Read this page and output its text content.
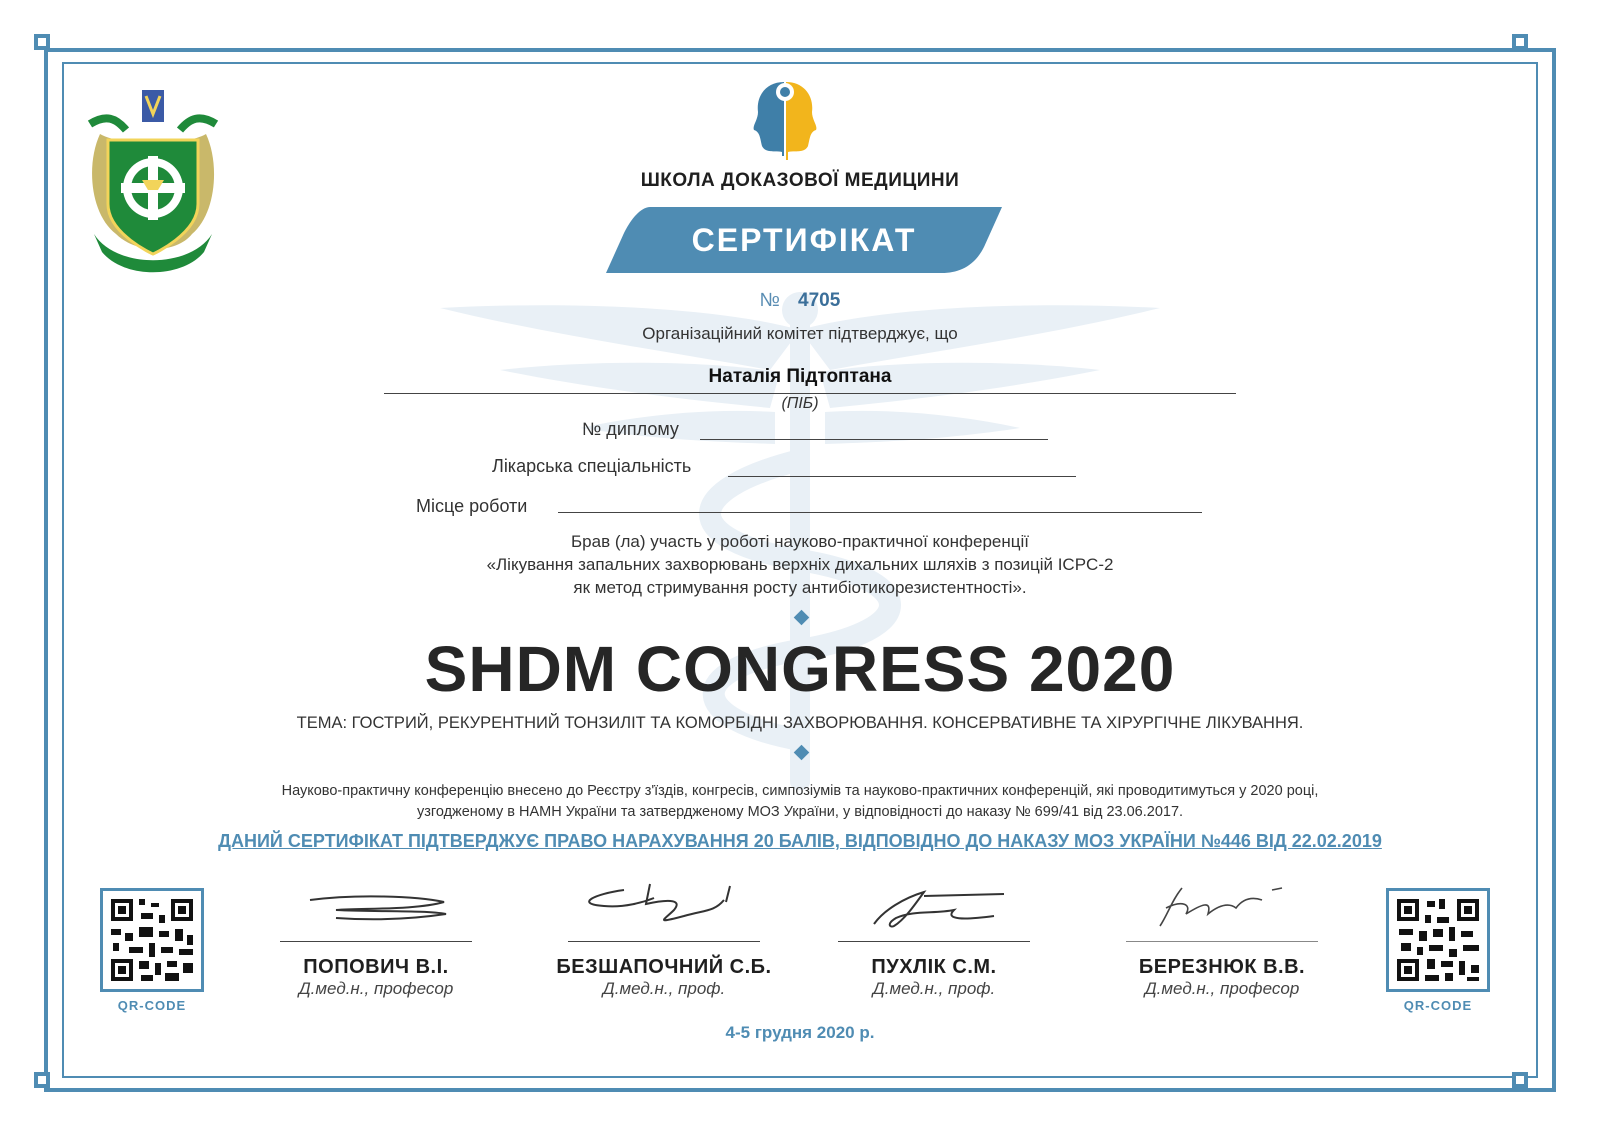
ШКОЛА ДОКАЗОВОЇ МЕДИЦИНИ
СЕРТИФІКАТ
№ 4705
Організаційний комітет підтверджує, що
Наталія Підтоптана
(ПІБ)
№ диплому
Лікарська спеціальність
Місце роботи
Брав (ла) участь у роботі науково-практичної конференції
«Лікування запальних захворювань верхніх дихальних шляхів з позицій ICPC-2
як метод стримування росту антибіотикорезистентності».
SHDM CONGRESS 2020
ТЕМА: ГОСТРИЙ, РЕКУРЕНТНИЙ ТОНЗИЛІТ ТА КОМОРБІДНІ ЗАХВОРЮВАННЯ. КОНСЕРВАТИВНЕ ТА ХІРУРГІЧНЕ ЛІКУВАННЯ.
Науково-практичну конференцію внесено до Реєстру з'їздів, конгресів, симпозіумів та науково-практичних конференцій, які проводитимуться у 2020 році,
узгодженому в НАМН України та затвердженому МОЗ України, у відповідності до наказу № 699/41 від 23.06.2017.
ДАНИЙ СЕРТИФІКАТ ПІДТВЕРДЖУЄ ПРАВО НАРАХУВАННЯ 20 БАЛІВ, ВІДПОВІДНО ДО НАКАЗУ МОЗ УКРАЇНИ №446 ВІД 22.02.2019
QR-CODE	QR-CODE
ПОПОВИЧ В.І.
Д.мед.н., професор
БЕЗШАПОЧНИЙ С.Б.
Д.мед.н., проф.
ПУХЛІК С.М.
Д.мед.н., проф.
БЕРЕЗНЮК В.В.
Д.мед.н., професор
4-5 грудня 2020 р.
